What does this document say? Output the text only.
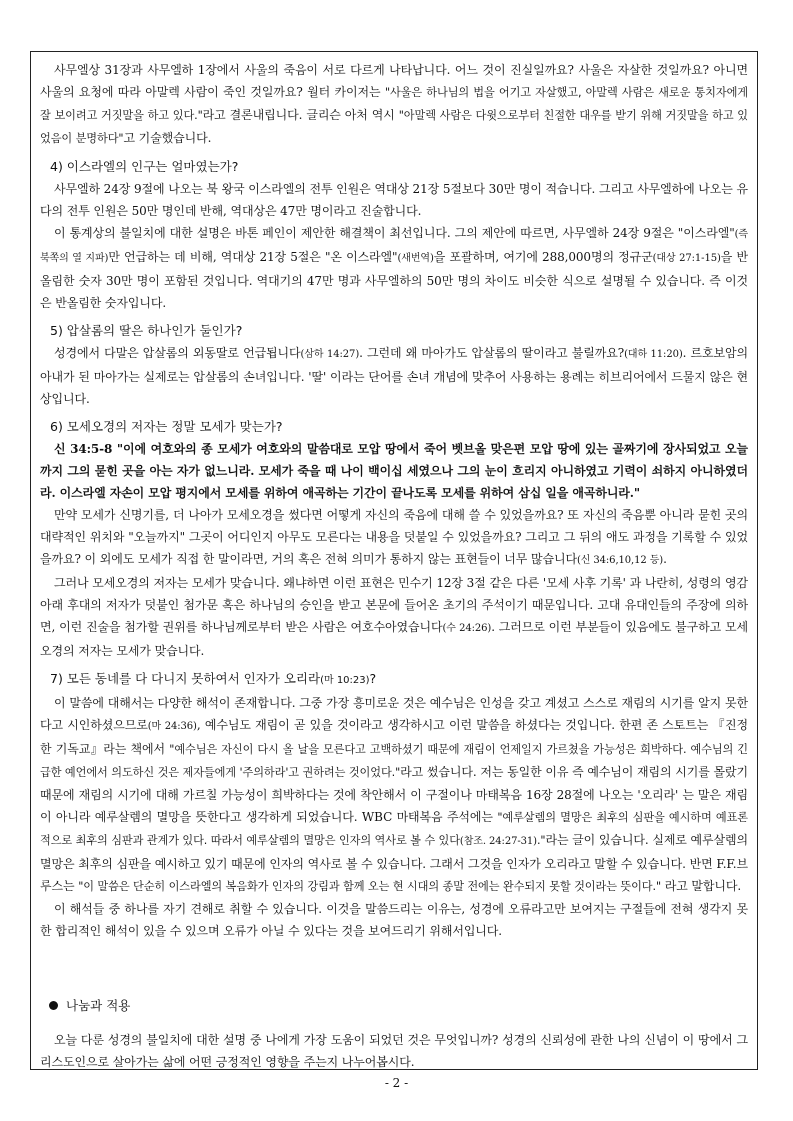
사무엘상 31장과 사무엘하 1장에서 사울의 죽음이 서로 다르게 나타납니다. 어느 것이 진실일까요? 사울은 자살한 것일까요? 아니면 사울의 요청에 따라 아말렉 사람이 죽인 것일까요? 월터 카이저는 "사울은 하나님의 법을 어기고 자살했고, 아말렉 사람은 새로운 통치자에게 잘 보이려고 거짓말을 하고 있다."라고 결론내립니다. 글리슨 아처 역시 "아말렉 사람은 다윗으로부터 친절한 대우를 받기 위해 거짓말을 하고 있었음이 분명하다"고 기술했습니다.

4) 이스라엘의 인구는 얼마였는가?

사무엘하 24장 9절에 나오는 북 왕국 이스라엘의 전투 인원은 역대상 21장 5절보다 30만 명이 적습니다. 그리고 사무엘하에 나오는 유다의 전투 인원은 50만 명인데 반해, 역대상은 47만 명이라고 진술합니다.

이 통계상의 불일치에 대한 설명은 바톤 페인이 제안한 해결책이 최선입니다. 그의 제안에 따르면, 사무엘하 24장 9절은 "이스라엘"(즉 북쪽의 열 지파)만 언급하는 데 비해, 역대상 21장 5절은 "온 이스라엘"(새번역)을 포괄하며, 여기에 288,000명의 정규군(대상 27:1-15)을 반올림한 숫자 30만 명이 포함된 것입니다. 역대기의 47만 명과 사무엘하의 50만 명의 차이도 비슷한 식으로 설명될 수 있습니다. 즉 이것은 반올림한 숫자입니다.

5) 압살롬의 딸은 하나인가 둘인가?

성경에서 다말은 압살롬의 외동딸로 언급됩니다(삼하 14:27). 그런데 왜 마아가도 압살롬의 딸이라고 불릴까요?(대하 11:20). 르호보암의 아내가 된 마아가는 실제로는 압살롬의 손녀입니다. '딸' 이라는 단어를 손녀 개념에 맞추어 사용하는 용례는 히브리어에서 드물지 않은 현상입니다.

6) 모세오경의 저자는 정말 모세가 맞는가?

신 34:5-8 "이에 여호와의 종 모세가 여호와의 말씀대로 모압 땅에서 죽어 벳브올 맞은편 모압 땅에 있는 골짜기에 장사되었고 오늘까지 그의 묻힌 곳을 아는 자가 없느니라. 모세가 죽을 때 나이 백이십 세였으나 그의 눈이 흐리지 아니하였고 기력이 쇠하지 아니하였더라. 이스라엘 자손이 모압 평지에서 모세를 위하여 애곡하는 기간이 끝나도록 모세를 위하여 삼십 일을 애곡하니라."

만약 모세가 신명기를, 더 나아가 모세오경을 썼다면 어떻게 자신의 죽음에 대해 쓸 수 있었을까요? 또 자신의 죽음뿐 아니라 묻힌 곳의 대략적인 위치와 "오늘까지" 그곳이 어디인지 아무도 모른다는 내용을 덧붙일 수 있었을까요? 그리고 그 뒤의 애도 과정을 기록할 수 있었을까요? 이 외에도 모세가 직접 한 말이라면, 거의 혹은 전혀 의미가 통하지 않는 표현들이 너무 많습니다(신 34:6,10,12 등).

그러나 모세오경의 저자는 모세가 맞습니다. 왜냐하면 이런 표현은 민수기 12장 3절 같은 다른 '모세 사후 기록' 과 나란히, 성령의 영감 아래 후대의 저자가 덧붙인 첨가문 혹은 하나님의 승인을 받고 본문에 들어온 초기의 주석이기 때문입니다. 고대 유대인들의 주장에 의하면, 이런 진술을 첨가할 권위를 하나님께로부터 받은 사람은 여호수아였습니다(수 24:26). 그러므로 이런 부분들이 있음에도 불구하고 모세오경의 저자는 모세가 맞습니다.

7) 모든 동네를 다 다니지 못하여서 인자가 오리라(마 10:23)?

이 말씀에 대해서는 다양한 해석이 존재합니다. 그중 가장 흥미로운 것은 예수님은 인성을 갖고 계셨고 스스로 재림의 시기를 알지 못한다고 시인하셨으므로(마 24:36), 예수님도 재림이 곧 있을 것이라고 생각하시고 이런 말씀을 하셨다는 것입니다. 한편 존 스토트는 『진정한 기독교』라는 책에서 "예수님은 자신이 다시 올 날을 모른다고 고백하셨기 때문에 재림이 언제일지 가르쳤을 가능성은 희박하다. 예수님의 긴급한 예언에서 의도하신 것은 제자들에게 '주의하라'고 권하려는 것이었다."라고 썼습니다. 저는 동일한 이유 즉 예수님이 재림의 시기를 몰랐기 때문에 재림의 시기에 대해 가르칠 가능성이 희박하다는 것에 착안해서 이 구절이나 마태복음 16장 28절에 나오는 '오리라' 는 말은 재림이 아니라 예루살렘의 멸망을 뜻한다고 생각하게 되었습니다. WBC 마태복음 주석에는 "예루살렘의 멸망은 최후의 심판을 예시하며 예표론적으로 최후의 심판과 관계가 있다. 따라서 예루살렘의 멸망은 인자의 역사로 볼 수 있다(참조. 24:27-31)."라는 글이 있습니다. 실제로 예루살렘의 멸망은 최후의 심판을 예시하고 있기 때문에 인자의 역사로 볼 수 있습니다. 그래서 그것을 인자가 오리라고 말할 수 있습니다. 반면 F.F.브루스는 "이 말씀은 단순히 이스라엘의 복음화가 인자의 강림과 함께 오는 현 시대의 종말 전에는 완수되지 못할 것이라는 뜻이다." 라고 말합니다.

이 해석들 중 하나를 자기 견해로 취할 수 있습니다. 이것을 말씀드리는 이유는, 성경에 오류라고만 보여지는 구절들에 전혀 생각지 못한 합리적인 해석이 있을 수 있으며 오류가 아닐 수 있다는 것을 보여드리기 위해서입니다.

나눔과 적용

오늘 다룬 성경의 불일치에 대한 설명 중 나에게 가장 도움이 되었던 것은 무엇입니까? 성경의 신뢰성에 관한 나의 신념이 이 땅에서 그리스도인으로 살아가는 삶에 어떤 긍정적인 영향을 주는지 나누어봅시다.

- 2 -
